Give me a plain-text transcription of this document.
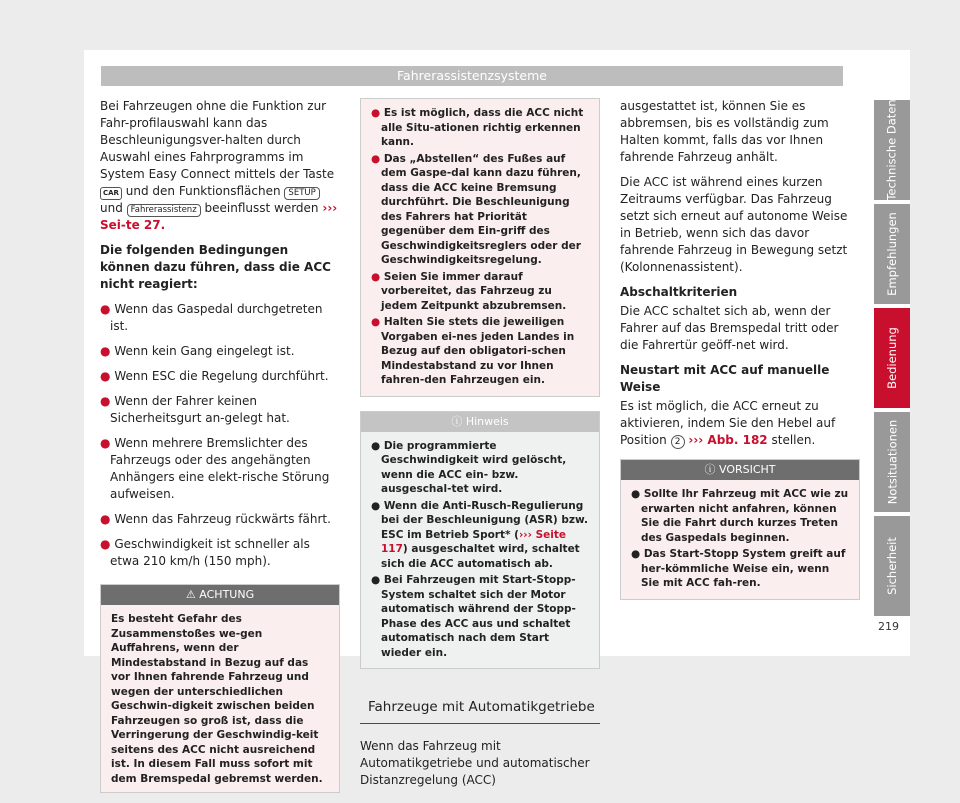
Fahrerassistenzsysteme

Bei Fahrzeugen ohne die Funktion zur Fahr-profilauswahl kann das Beschleunigungsver-halten durch Auswahl eines Fahrprogramms im System Easy Connect mittels der Taste CAR und den Funktionsflächen SETUP und Fahrerassistenz beeinflusst werden ››› Sei-te 27.

Die folgenden Bedingungen können dazu führen, dass die ACC nicht reagiert:

● Wenn das Gaspedal durchgetreten ist.

● Wenn kein Gang eingelegt ist.

● Wenn ESC die Regelung durchführt.

● Wenn der Fahrer keinen Sicherheitsgurt an-gelegt hat.

● Wenn mehrere Bremslichter des Fahrzeugs oder des angehängten Anhängers eine elekt-rische Störung aufweisen.

● Wenn das Fahrzeug rückwärts fährt.

● Geschwindigkeit ist schneller als etwa 210 km/h (150 mph).

⚠ ACHTUNG
Es besteht Gefahr des Zusammenstoßes we-gen Auffahrens, wenn der Mindestabstand in Bezug auf das vor Ihnen fahrende Fahrzeug und wegen der unterschiedlichen Geschwin-digkeit zwischen beiden Fahrzeugen so groß ist, dass die Verringerung der Geschwindig-keit seitens des ACC nicht ausreichend ist. In diesem Fall muss sofort mit dem Bremspedal gebremst werden.

● Es ist möglich, dass die ACC nicht alle Situ-ationen richtig erkennen kann.

● Das „Abstellen“ des Fußes auf dem Gaspe-dal kann dazu führen, dass die ACC keine Bremsung durchführt. Die Beschleunigung des Fahrers hat Priorität gegenüber dem Ein-griff des Geschwindigkeitsreglers oder der Geschwindigkeitsregelung.

● Seien Sie immer darauf vorbereitet, das Fahrzeug zu jedem Zeitpunkt abzubremsen.

● Halten Sie stets die jeweiligen Vorgaben ei-nes jeden Landes in Bezug auf den obligatori-schen Mindestabstand zu vor Ihnen fahren-den Fahrzeugen ein.

ⓘ Hinweis

● Die programmierte Geschwindigkeit wird gelöscht, wenn die ACC ein- bzw. ausgeschal-tet wird.

● Wenn die Anti-Rusch-Regulierung bei der Beschleunigung (ASR) bzw. ESC im Betrieb Sport* (››› Seite 117) ausgeschaltet wird, schaltet sich die ACC automatisch ab.

● Bei Fahrzeugen mit Start-Stopp-System schaltet sich der Motor automatisch während der Stopp-Phase des ACC aus und schaltet automatisch nach dem Start wieder ein.

Fahrzeuge mit Automatikgetriebe

Wenn das Fahrzeug mit Automatikgetriebe und automatischer Distanzregelung (ACC)

ausgestattet ist, können Sie es abbremsen, bis es vollständig zum Halten kommt, falls das vor Ihnen fahrende Fahrzeug anhält.

Die ACC ist während eines kurzen Zeitraums verfügbar. Das Fahrzeug setzt sich erneut auf autonome Weise in Betrieb, wenn sich das davor fahrende Fahrzeug in Bewegung setzt (Kolonnenassistent).

Abschaltkriterien

Die ACC schaltet sich ab, wenn der Fahrer auf das Bremspedal tritt oder die Fahrertür geöff-net wird.

Neustart mit ACC auf manuelle Weise

Es ist möglich, die ACC erneut zu aktivieren, indem Sie den Hebel auf Position 2 ››› Abb. 182 stellen.

ⓘ VORSICHT

● Sollte Ihr Fahrzeug mit ACC wie zu erwarten nicht anfahren, können Sie die Fahrt durch kurzes Treten des Gaspedals beginnen.

● Das Start-Stopp System greift auf her-kömmliche Weise ein, wenn Sie mit ACC fah-ren.

219
Technische Daten
Empfehlungen
Bedienung
Notsituationen
Sicherheit
